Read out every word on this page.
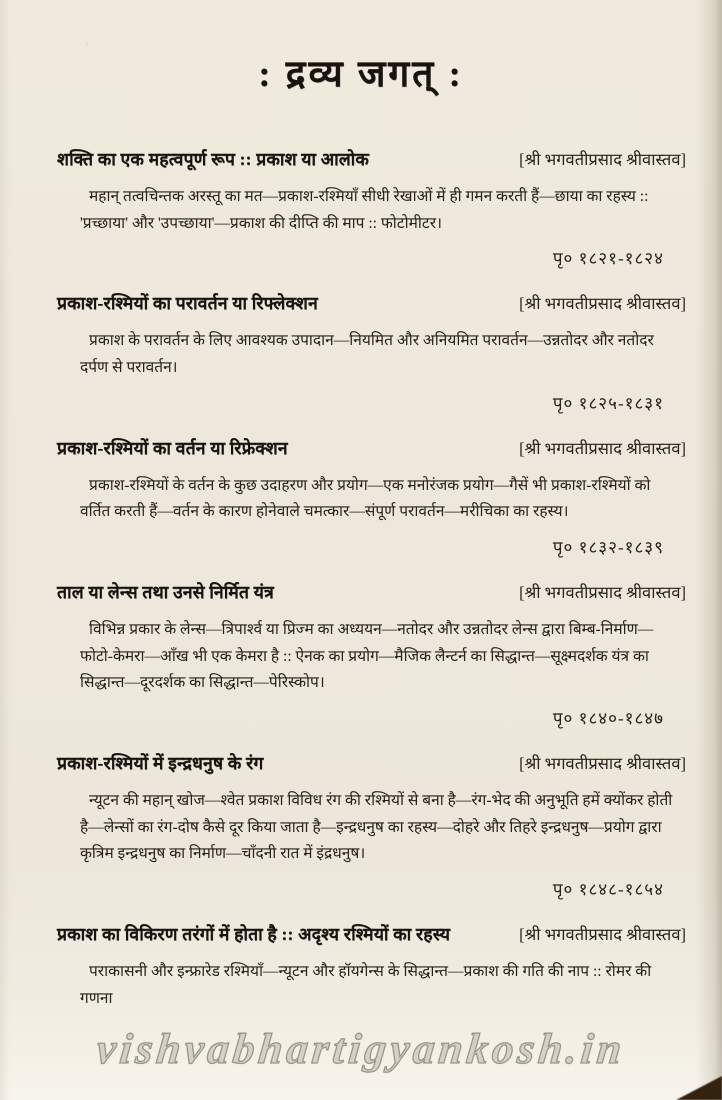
: द्रव्य जगत् :
शक्ति का एक महत्वपूर्ण रूप :: प्रकाश या आलोक	[श्री भगवतीप्रसाद श्रीवास्तव]
महान् तत्वचिन्तक अरस्तू का मत—प्रकाश-रश्मियाँ सीधी रेखाओं में ही गमन करती हैं—छाया का रहस्य :: 'प्रच्छाया' और 'उपच्छाया'—प्रकाश की दीप्ति की माप :: फोटोमीटर।
पृ० १८२१-१८२४
प्रकाश-रश्मियों का परावर्तन या रिफ्लेक्शन	[श्री भगवतीप्रसाद श्रीवास्तव]
प्रकाश के परावर्तन के लिए आवश्यक उपादान—नियमित और अनियमित परावर्तन—उन्नतोदर और नतोदर दर्पण से परावर्तन।
पृ० १८२५-१८३१
प्रकाश-रश्मियों का वर्तन या रिफ्रेक्शन	[श्री भगवतीप्रसाद श्रीवास्तव]
प्रकाश-रश्मियों के वर्तन के कुछ उदाहरण और प्रयोग—एक मनोरंजक प्रयोग—गैसें भी प्रकाश-रश्मियों को वर्तित करती हैं—वर्तन के कारण होनेवाले चमत्कार—संपूर्ण परावर्तन—मरीचिका का रहस्य।
पृ० १८३२-१८३९
ताल या लेन्स तथा उनसे निर्मित यंत्र	[श्री भगवतीप्रसाद श्रीवास्तव]
विभिन्न प्रकार के लेन्स—त्रिपार्श्व या प्रिज्म का अध्ययन—नतोदर और उन्नतोदर लेन्स द्वारा बिम्ब-निर्माण—फोटो-केमरा—आँख भी एक केमरा है :: ऐनक का प्रयोग—मैजिक लैन्टर्न का सिद्धान्त—सूक्ष्मदर्शक यंत्र का सिद्धान्त—दूरदर्शक का सिद्धान्त—पेरिस्कोप।
पृ० १८४०-१८४७
प्रकाश-रश्मियों में इन्द्रधनुष के रंग	[श्री भगवतीप्रसाद श्रीवास्तव]
न्यूटन की महान् खोज—श्वेत प्रकाश विविध रंग की रश्मियों से बना है—रंग-भेद की अनुभूति हमें क्योंकर होती है—लेन्सों का रंग-दोष कैसे दूर किया जाता है—इन्द्रधनुष का रहस्य—दोहरे और तिहरे इन्द्रधनुष—प्रयोग द्वारा कृत्रिम इन्द्रधनुष का निर्माण—चाँदनी रात में इंद्रधनुष।
पृ० १८४८-१८५४
प्रकाश का विकिरण तरंगों में होता है :: अदृश्य रश्मियों का रहस्य	[श्री भगवतीप्रसाद श्रीवास्तव]
पराकासनी और इन्फ्रारेड रश्मियाँ—न्यूटन और हॉयगेन्स के सिद्धान्त—प्रकाश की गति की नाप :: रोमर की गणना
vishvabhartigyankosh.in
